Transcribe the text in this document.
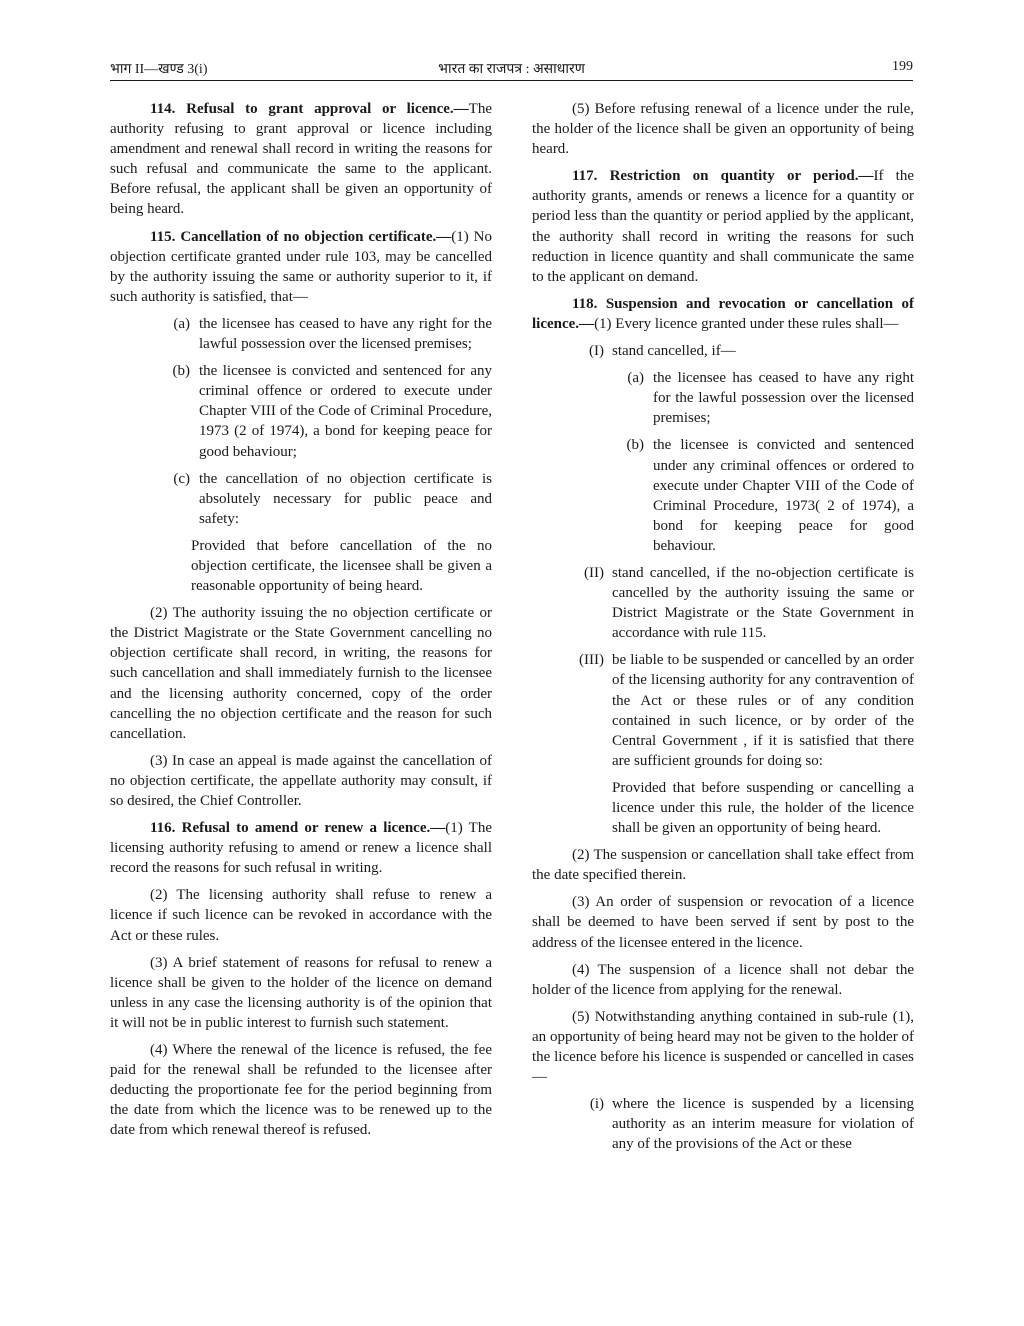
भाग II—खण्ड 3(i)	भारत का राजपत्र : असाधारण	199

114. Refusal to grant approval or licence.—The authority refusing to grant approval or licence including amendment and renewal shall record in writing the reasons for such refusal and communicate the same to the applicant. Before refusal, the applicant shall be given an opportunity of being heard.

115. Cancellation of no objection certificate.—(1) No objection certificate granted under rule 103, may be cancelled by the authority issuing the same or authority superior to it, if such authority is satisfied, that—

(a) the licensee has ceased to have any right for the lawful possession over the licensed premises;
(b) the licensee is convicted and sentenced for any criminal offence or ordered to execute under Chapter VIII of the Code of Criminal Procedure, 1973 (2 of 1974), a bond for keeping peace for good behaviour;
(c) the cancellation of no objection certificate is absolutely necessary for public peace and safety:

Provided that before cancellation of the no objection certificate, the licensee shall be given a reasonable opportunity of being heard.

(2) The authority issuing the no objection certificate or the District Magistrate or the State Government cancelling no objection certificate shall record, in writing, the reasons for such cancellation and shall immediately furnish to the licensee and the licensing authority concerned, copy of the order cancelling the no objection certificate and the reason for such cancellation.

(3) In case an appeal is made against the cancellation of no objection certificate, the appellate authority may consult, if so desired, the Chief Controller.

116. Refusal to amend or renew a licence.—(1) The licensing authority refusing to amend or renew a licence shall record the reasons for such refusal in writing.

(2) The licensing authority shall refuse to renew a licence if such licence can be revoked in accordance with the Act or these rules.

(3) A brief statement of reasons for refusal to renew a licence shall be given to the holder of the licence on demand unless in any case the licensing authority is of the opinion that it will not be in public interest to furnish such statement.

(4) Where the renewal of the licence is refused, the fee paid for the renewal shall be refunded to the licensee after deducting the proportionate fee for the period beginning from the date from which the licence was to be renewed up to the date from which renewal thereof is refused.

(5) Before refusing renewal of a licence under the rule, the holder of the licence shall be given an opportunity of being heard.

117. Restriction on quantity or period.—If the authority grants, amends or renews a licence for a quantity or period less than the quantity or period applied by the applicant, the authority shall record in writing the reasons for such reduction in licence quantity and shall communicate the same to the applicant on demand.

118. Suspension and revocation or cancellation of licence.—(1) Every licence granted under these rules shall—

(I) stand cancelled, if—
(a) the licensee has ceased to have any right for the lawful possession over the licensed premises;
(b) the licensee is convicted and sentenced under any criminal offences or ordered to execute under Chapter VIII of the Code of Criminal Procedure, 1973( 2 of 1974), a bond for keeping peace for good behaviour.
(II) stand cancelled, if the no-objection certificate is cancelled by the authority issuing the same or District Magistrate or the State Government in accordance with rule 115.
(III) be liable to be suspended or cancelled by an order of the licensing authority for any contravention of the Act or these rules or of any condition contained in such licence, or by order of the Central Government , if it is satisfied that there are sufficient grounds for doing so:

Provided that before suspending or cancelling a licence under this rule, the holder of the licence shall be given an opportunity of being heard.

(2) The suspension or cancellation shall take effect from the date specified therein.

(3) An order of suspension or revocation of a licence shall be deemed to have been served if sent by post to the address of the licensee entered in the licence.

(4) The suspension of a licence shall not debar the holder of the licence from applying for the renewal.

(5) Notwithstanding anything contained in sub-rule (1), an opportunity of being heard may not be given to the holder of the licence before his licence is suspended or cancelled in cases—

(i) where the licence is suspended by a licensing authority as an interim measure for violation of any of the provisions of the Act or these
